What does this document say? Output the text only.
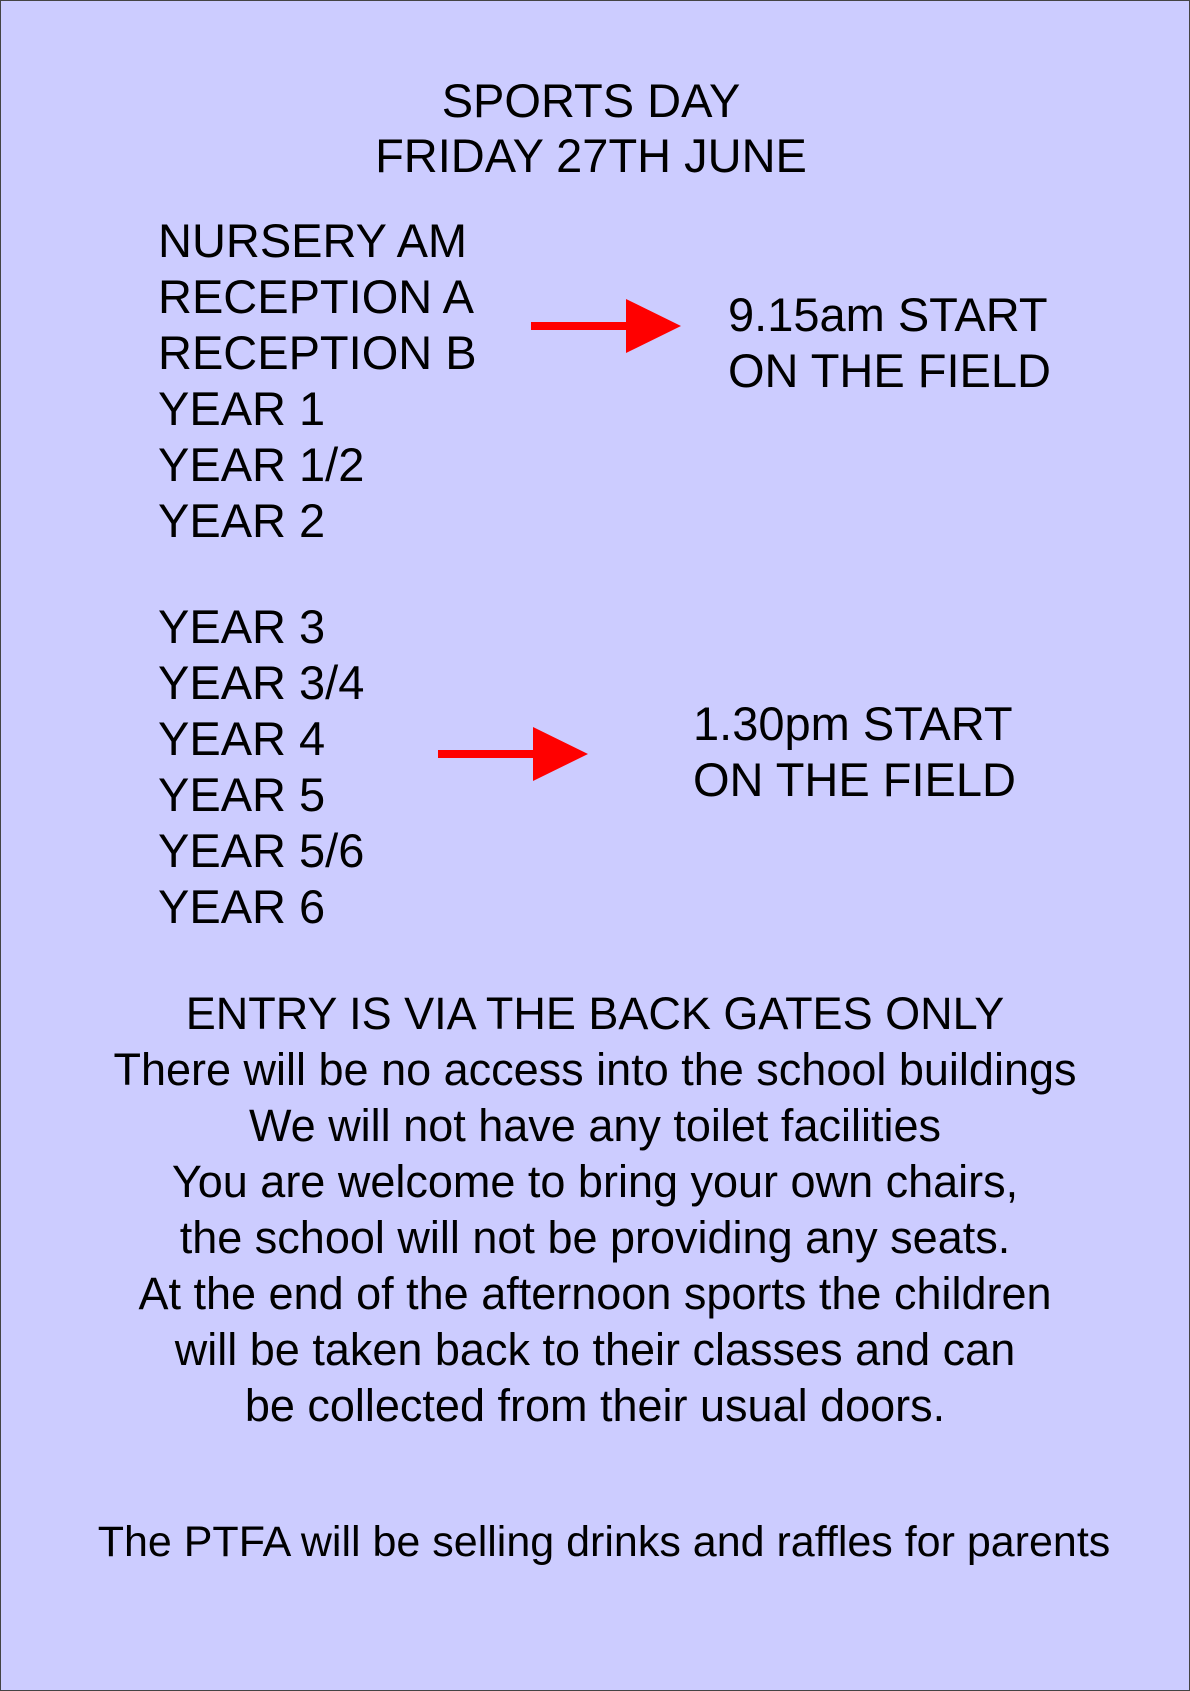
SPORTS DAY
FRIDAY 27TH JUNE
NURSERY AM
RECEPTION A
RECEPTION B
YEAR 1
YEAR 1/2
YEAR 2
9.15am START
ON THE FIELD
YEAR 3
YEAR 3/4
YEAR 4
YEAR 5
YEAR 5/6
YEAR 6
1.30pm START
ON THE FIELD
ENTRY IS VIA THE BACK GATES ONLY
There will be no access into the school buildings
We will not have any toilet facilities
You are welcome to bring your own chairs,
the school will not be providing any seats.
At the end of the afternoon sports the children
will be taken back to their classes and can
be collected from their usual doors.
The PTFA will be selling drinks and raffles for parents
